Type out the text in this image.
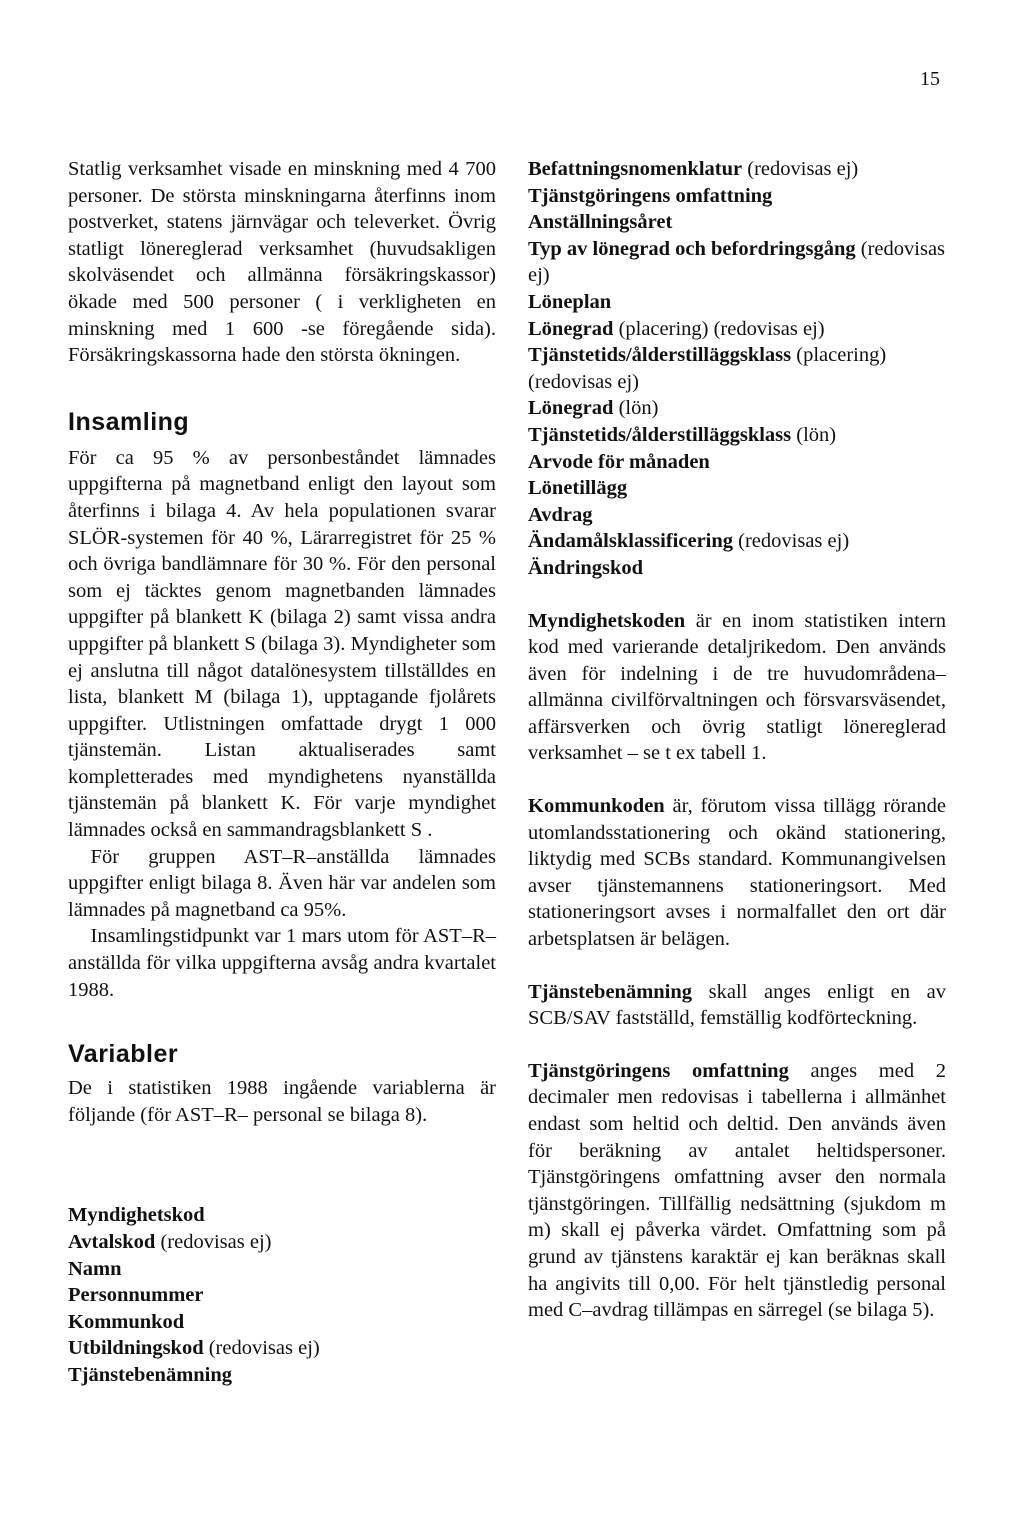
15

Statlig verksamhet visade en minskning med 4 700 personer. De största minskningarna återfinns inom postverket, statens järnvägar och televerket. Övrig statligt lönereglerad verksamhet (huvudsakligen skolväsendet och allmänna försäkringskassor) ökade med 500 personer ( i verkligheten en minskning med 1 600 -se föregående sida). Försäkringskassorna hade den största ökningen.

Insamling

För ca 95 % av personbeståndet lämnades uppgifterna på magnetband enligt den layout som återfinns i bilaga 4. Av hela populationen svarar SLÖR-systemen för 40 %, Lärarregistret för 25 % och övriga bandlämnare för 30 %. För den personal som ej täcktes genom magnetbanden lämnades uppgifter på blankett K (bilaga 2) samt vissa andra uppgifter på blankett S (bilaga 3). Myndigheter som ej anslutna till något datalönesystem tillställdes en lista, blankett M (bilaga 1), upptagande fjolårets uppgifter. Utlistningen omfattade drygt 1 000 tjänstemän. Listan aktualiserades samt kompletterades med myndighetens nyanställda tjänstemän på blankett K. För varje myndighet lämnades också en sammandragsblankett S .

För gruppen AST–R–anställda lämnades uppgifter enligt bilaga 8. Även här var andelen som lämnades på magnetband ca 95%.

Insamlingstidpunkt var 1 mars utom för AST–R–anställda för vilka uppgifterna avsåg andra kvartalet 1988.

Variabler

De i statistiken 1988 ingående variablerna är följande (för AST–R– personal se bilaga 8).

Myndighetskod
Avtalskod (redovisas ej)
Namn
Personnummer
Kommunkod
Utbildningskod (redovisas ej)
Tjänstebenämning
Befattningsnomenklatur (redovisas ej)
Tjänstgöringens omfattning
Anställningsåret
Typ av lönegrad och befordringsgång (redovisas ej)
Löneplan
Lönegrad (placering) (redovisas ej)
Tjänstetids/ålderstilläggsklass (placering) (redovisas ej)
Lönegrad (lön)
Tjänstetids/ålderstilläggsklass (lön)
Arvode för månaden
Lönetillägg
Avdrag
Ändamålsklassificering (redovisas ej)
Ändringskod

Myndighetskoden är en inom statistiken intern kod med varierande detaljrikedom. Den används även för indelning i de tre huvudområdena–allmänna civilförvaltningen och försvarsväsendet, affärsverken och övrig statligt lönereglerad verksamhet – se t ex tabell 1.

Kommunkoden är, förutom vissa tillägg rörande utomlandsstationering och okänd stationering, liktydig med SCBs standard. Kommunangivelsen avser tjänstemannens stationeringsort. Med stationeringsort avses i normalfallet den ort där arbetsplatsen är belägen.

Tjänstebenämning skall anges enligt en av SCB/SAV fastställd, femställig kodförteckning.

Tjänstgöringens omfattning anges med 2 decimaler men redovisas i tabellerna i allmänhet endast som heltid och deltid. Den används även för beräkning av antalet heltidspersoner. Tjänstgöringens omfattning avser den normala tjänstgöringen. Tillfällig nedsättning (sjukdom m m) skall ej påverka värdet. Omfattning som på grund av tjänstens karaktär ej kan beräknas skall ha angivits till 0,00. För helt tjänstledig personal med C–avdrag tillämpas en särregel (se bilaga 5).
